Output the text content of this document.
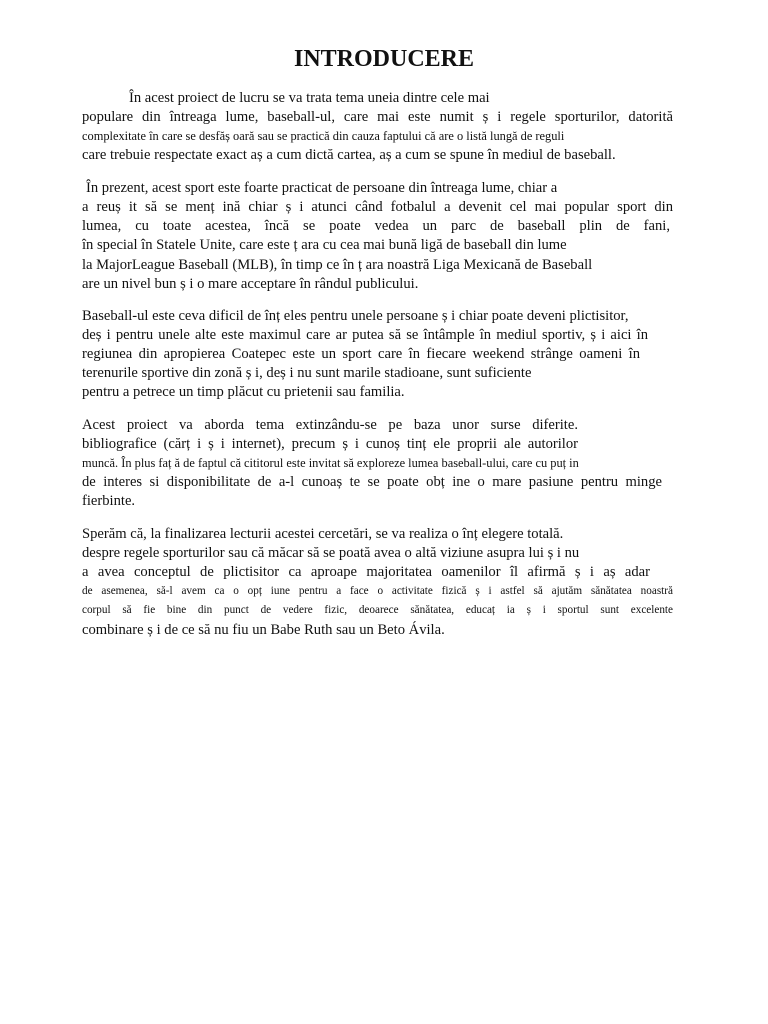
INTRODUCERE
În acest proiect de lucru se va trata tema uneia dintre cele mai
populare din întreaga lume, baseball-ul, care mai este numit ș i regele sporturilor, datorită
complexitate în care se desfăș oară sau se practică din cauza faptului că are o listă lungă de reguli
care trebuie respectate exact aș a cum dictă cartea, aș a cum se spune în mediul de baseball.
În prezent, acest sport este foarte practicat de persoane din întreaga lume, chiar a
a reuș it să se menț ină chiar ș i atunci când fotbalul a devenit cel mai popular sport din
lumea, cu toate acestea, încă se poate vedea un parc de baseball plin de fani,
în special în Statele Unite, care este ț ara cu cea mai bună ligă de baseball din lume
la MajorLeague Baseball (MLB), în timp ce în ț ara noastră Liga Mexicană de Baseball
are un nivel bun ș i o mare acceptare în rândul publicului.
Baseball-ul este ceva dificil de înț eles pentru unele persoane ș i chiar poate deveni plictisitor,
deș i pentru unele alte este maximul care ar putea să se întâmple în mediul sportiv, ș i aici în
regiunea din apropierea Coatepec este un sport care în fiecare weekend strânge oameni în
terenurile sportive din zonă ș i, deș i nu sunt marile stadioane, sunt suficiente
pentru a petrece un timp plăcut cu prietenii sau familia.
Acest proiect va aborda tema extinzându-se pe baza unor surse diferite.
bibliografice (cărț i ș i internet), precum ș i cunoș tinț ele proprii ale autorilor
muncă. În plus faț ă de faptul că cititorul este invitat să exploreze lumea baseball-ului, care cu puț in
de interes si disponibilitate de a-l cunoaș te se poate obț ine o mare pasiune pentru minge
fierbinte.
Sperăm că, la finalizarea lecturii acestei cercetări, se va realiza o înț elegere totală.
despre regele sporturilor sau că măcar să se poată avea o altă viziune asupra lui ș i nu
a avea conceptul de plictisitor ca aproape majoritatea oamenilor îl afirmă ș i aș adar
de asemenea, să-l avem ca o opț iune pentru a face o activitate fizică ș i astfel să ajutăm sănătatea noastră
corpul să fie bine din punct de vedere fizic, deoarece sănătatea, educaț ia ș i sportul sunt excelente
combinare ș i de ce să nu fiu un Babe Ruth sau un Beto Ávila.
